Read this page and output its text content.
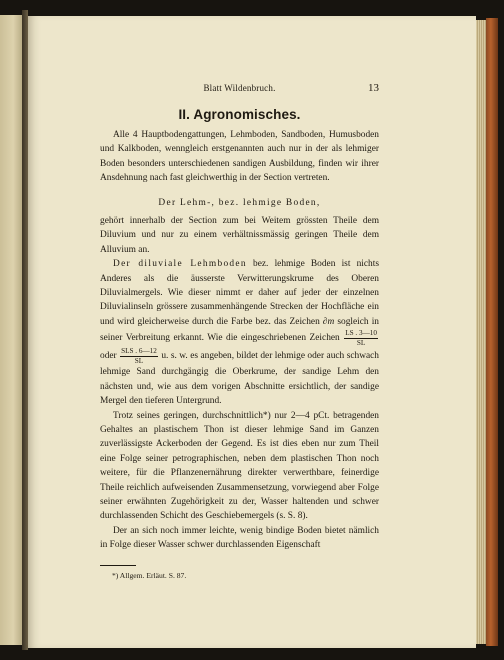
Blatt Wildenbruch.	13
II. Agronomisches.

Alle 4 Hauptbodengattungen, Lehmboden, Sandboden, Humusboden und Kalkboden, wenngleich erstgenannten auch nur in der als lehmiger Boden besonders unterschiedenen sandigen Ausbildung, finden wir ihrer Ansdehnung nach fast gleichwerthig in der Section vertreten.

Der Lehm-, bez. lehmige Boden,

gehört innerhalb der Section zum bei Weitem grössten Theile dem Diluvium und nur zu einem verhältnissmässig geringen Theile dem Alluvium an.

Der diluviale Lehmboden bez. lehmige Boden ist nichts Anderes als die äusserste Verwitterungskrume des Oberen Diluvialmergels. Wie dieser nimmt er daher auf jeder der einzelnen Diluvialinseln grössere zusammenhängende Strecken der Hochfläche ein und wird gleicherweise durch die Farbe bez. das Zeichen ∂m sogleich in seiner Verbreitung erkannt. Wie die eingeschriebenen Zeichen $\frac{LS . 3—10}{SL}$
oder $\frac{\text{SLS . 6—12}}{SL} u$. s. w. es angeben, bildet der lehmige oder auch schwach lehmige Sand durchgängig die Oberkrume, der sandige Lehm den nächsten und, wie aus dem vorigen Abschnitte ersichtlich, der sandige Mergel den tieferen Untergrund.

Trotz seines geringen, durchschnittlich*) nur 2—4 pCt. betragenden Gehaltes an plastischem Thon ist dieser lehmige Sand im Ganzen zuverlässigste Ackerboden der Gegend. Es ist dies eben nur zum Theil eine Folge seiner petrographischen, neben dem plastischen Thon noch weitere, für die Pflanzenernährung direkter verwerthbare, feinerdige Theile reichlich aufweisenden Zusammensetzung, vorwiegend aber Folge seiner erwähnten Zugehörigkeit zu der, Wasser haltenden und schwer durchlassenden Schicht des Geschiebemergels (s. S. 8).

Der an sich noch immer leichte, wenig bindige Boden bietet nämlich in Folge dieser Wasser schwer durchlassenden Eigenschaft

*) Allgem. Erläut. S. 87.
